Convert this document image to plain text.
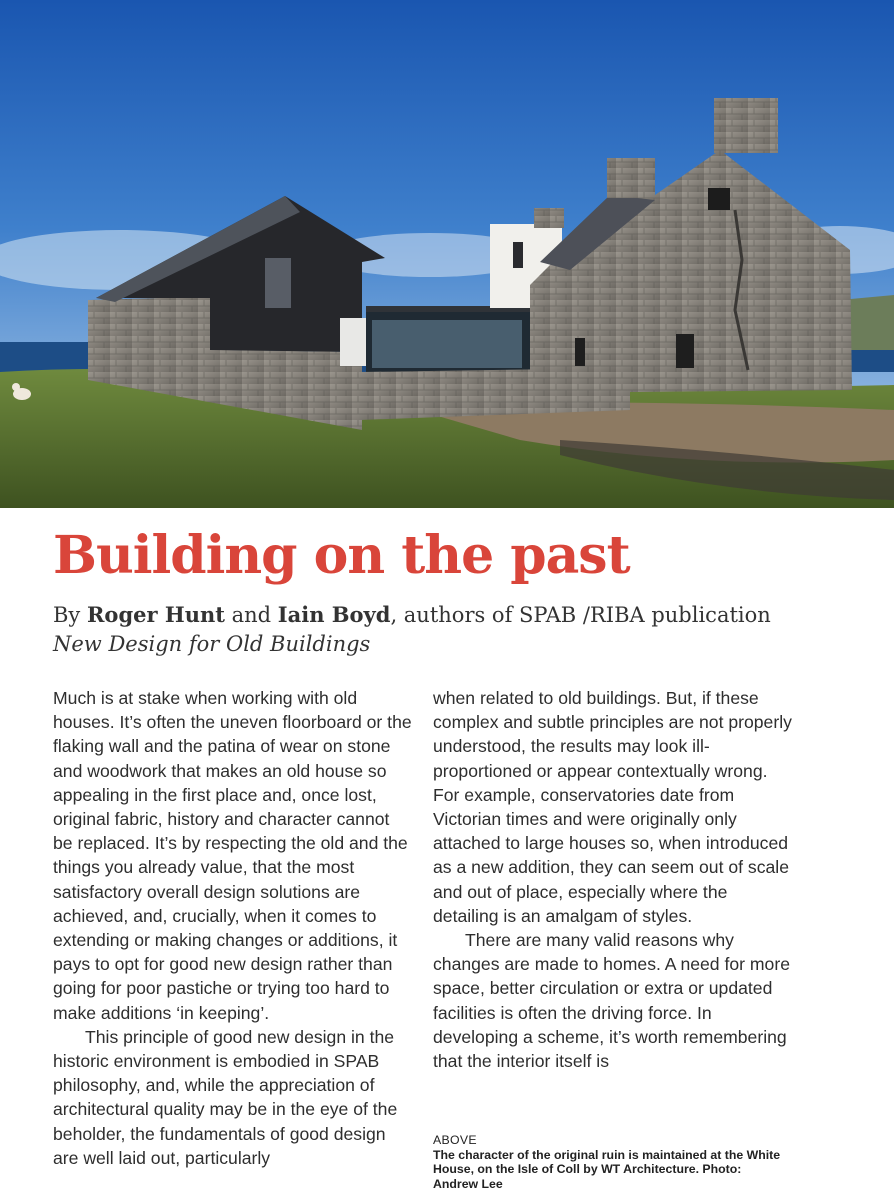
Building on the past
By Roger Hunt and Iain Boyd, authors of SPAB /RIBA publication
New Design for Old Buildings

Much is at stake when working with old houses. It’s often the uneven floorboard or the flaking wall and the patina of wear on stone and woodwork that makes an old house so appealing in the first place and, once lost, original fabric, history and character cannot be replaced. It’s by respecting the old and the things you already value, that the most satisfactory overall design solutions are achieved, and, crucially, when it comes to extending or making changes or additions, it pays to opt for good new design rather than going for poor pastiche or trying too hard to make additions ‘in keeping’.

This principle of good new design in the historic environment is embodied in SPAB philosophy, and, while the appreciation of architectural quality may be in the eye of the beholder, the fundamentals of good design are well laid out, particularly

when related to old buildings. But, if these complex and subtle principles are not properly understood, the results may look ill-proportioned or appear contextually wrong. For example, conservatories date from Victorian times and were originally only attached to large houses so, when introduced as a new addition, they can seem out of scale and out of place, especially where the detailing is an amalgam of styles.

There are many valid reasons why changes are made to homes. A need for more space, better circulation or extra or updated facilities is often the driving force. In developing a scheme, it’s worth remembering that the interior itself is

ABOVE
The character of the original ruin is maintained at the White House, on the Isle of Coll by WT Architecture. Photo: Andrew Lee
